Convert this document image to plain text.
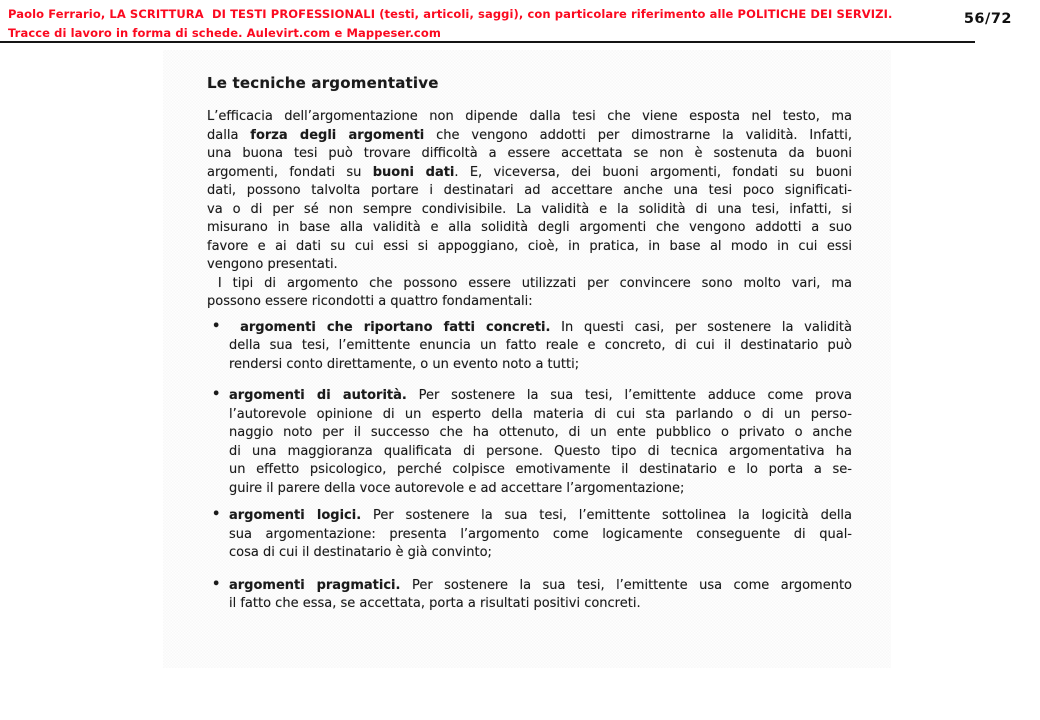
Paolo Ferrario, LA SCRITTURA  DI TESTI PROFESSIONALI (testi, articoli, saggi), con particolare riferimento alle POLITICHE DEI SERVIZI.
Tracce di lavoro in forma di schede. Aulevirt.com e Mappeser.com
56/72
Le tecniche argomentative
L’efficacia dell’argomentazione non dipende dalla tesi che viene esposta nel testo, ma
dalla forza degli argomenti che vengono addotti per dimostrarne la validità. Infatti,
una buona tesi può trovare difficoltà a essere accettata se non è sostenuta da buoni
argomenti, fondati su buoni dati. E, viceversa, dei buoni argomenti, fondati su buoni
dati, possono talvolta portare i destinatari ad accettare anche una tesi poco significati-
va o di per sé non sempre condivisibile. La validità e la solidità di una tesi, infatti, si
misurano in base alla validità e alla solidità degli argomenti che vengono addotti a suo
favore e ai dati su cui essi si appoggiano, cioè, in pratica, in base al modo in cui essi
vengono presentati.
I tipi di argomento che possono essere utilizzati per convincere sono molto vari, ma
possono essere ricondotti a quattro fondamentali:
• argomenti che riportano fatti concreti. In questi casi, per sostenere la validità
della sua tesi, l’emittente enuncia un fatto reale e concreto, di cui il destinatario può
rendersi conto direttamente, o un evento noto a tutti;
• argomenti di autorità. Per sostenere la sua tesi, l’emittente adduce come prova
l’autorevole opinione di un esperto della materia di cui sta parlando o di un perso-
naggio noto per il successo che ha ottenuto, di un ente pubblico o privato o anche
di una maggioranza qualificata di persone. Questo tipo di tecnica argomentativa ha
un effetto psicologico, perché colpisce emotivamente il destinatario e lo porta a se-
guire il parere della voce autorevole e ad accettare l’argomentazione;
• argomenti logici. Per sostenere la sua tesi, l’emittente sottolinea la logicità della
sua argomentazione: presenta l’argomento come logicamente conseguente di qual-
cosa di cui il destinatario è già convinto;
• argomenti pragmatici. Per sostenere la sua tesi, l’emittente usa come argomento
il fatto che essa, se accettata, porta a risultati positivi concreti.
